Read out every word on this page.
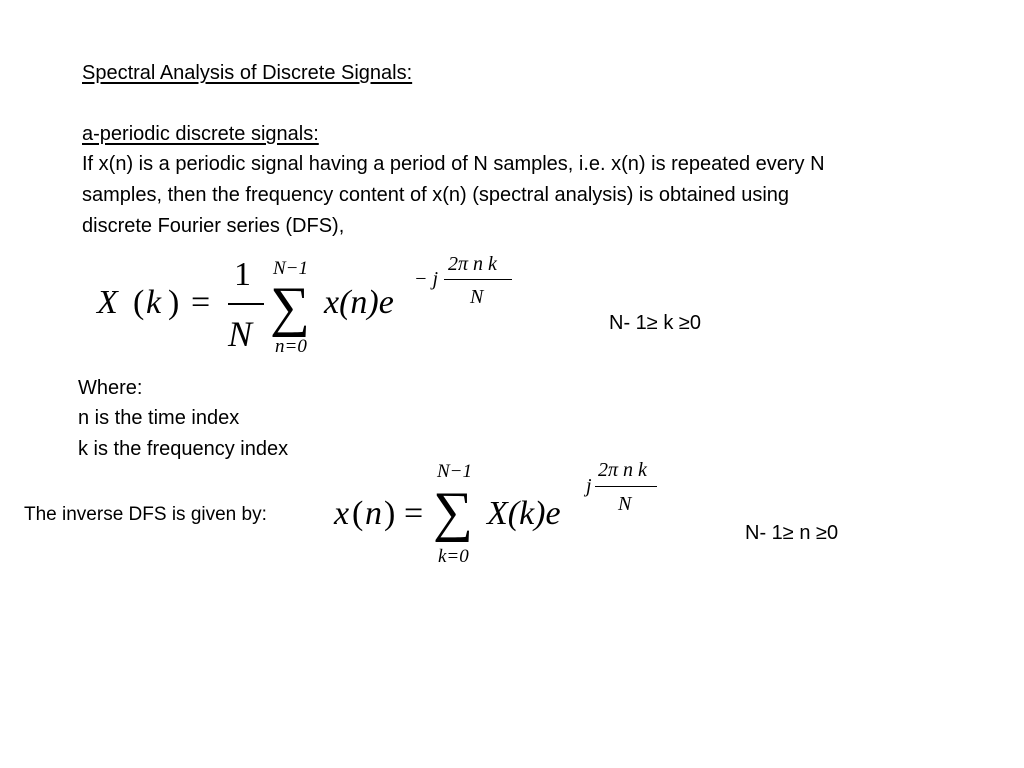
Spectral Analysis of Discrete Signals:
a-periodic discrete signals:
If x(n) is a periodic signal having a period of N samples, i.e. x(n) is repeated every N
samples, then the frequency content of x(n) (spectral analysis) is obtained using
discrete Fourier series (DFS),
X ( k ) =
1
N
N−1
∑
n=0
x(n)e
− j
2π n k
N
N- 1≥ k ≥0
Where:
n is the time index
k is the frequency index
The inverse DFS is given by: x ( n ) =
N−1
∑
k=0
X(k)e
j
2π n k
N
N- 1≥ n ≥0
